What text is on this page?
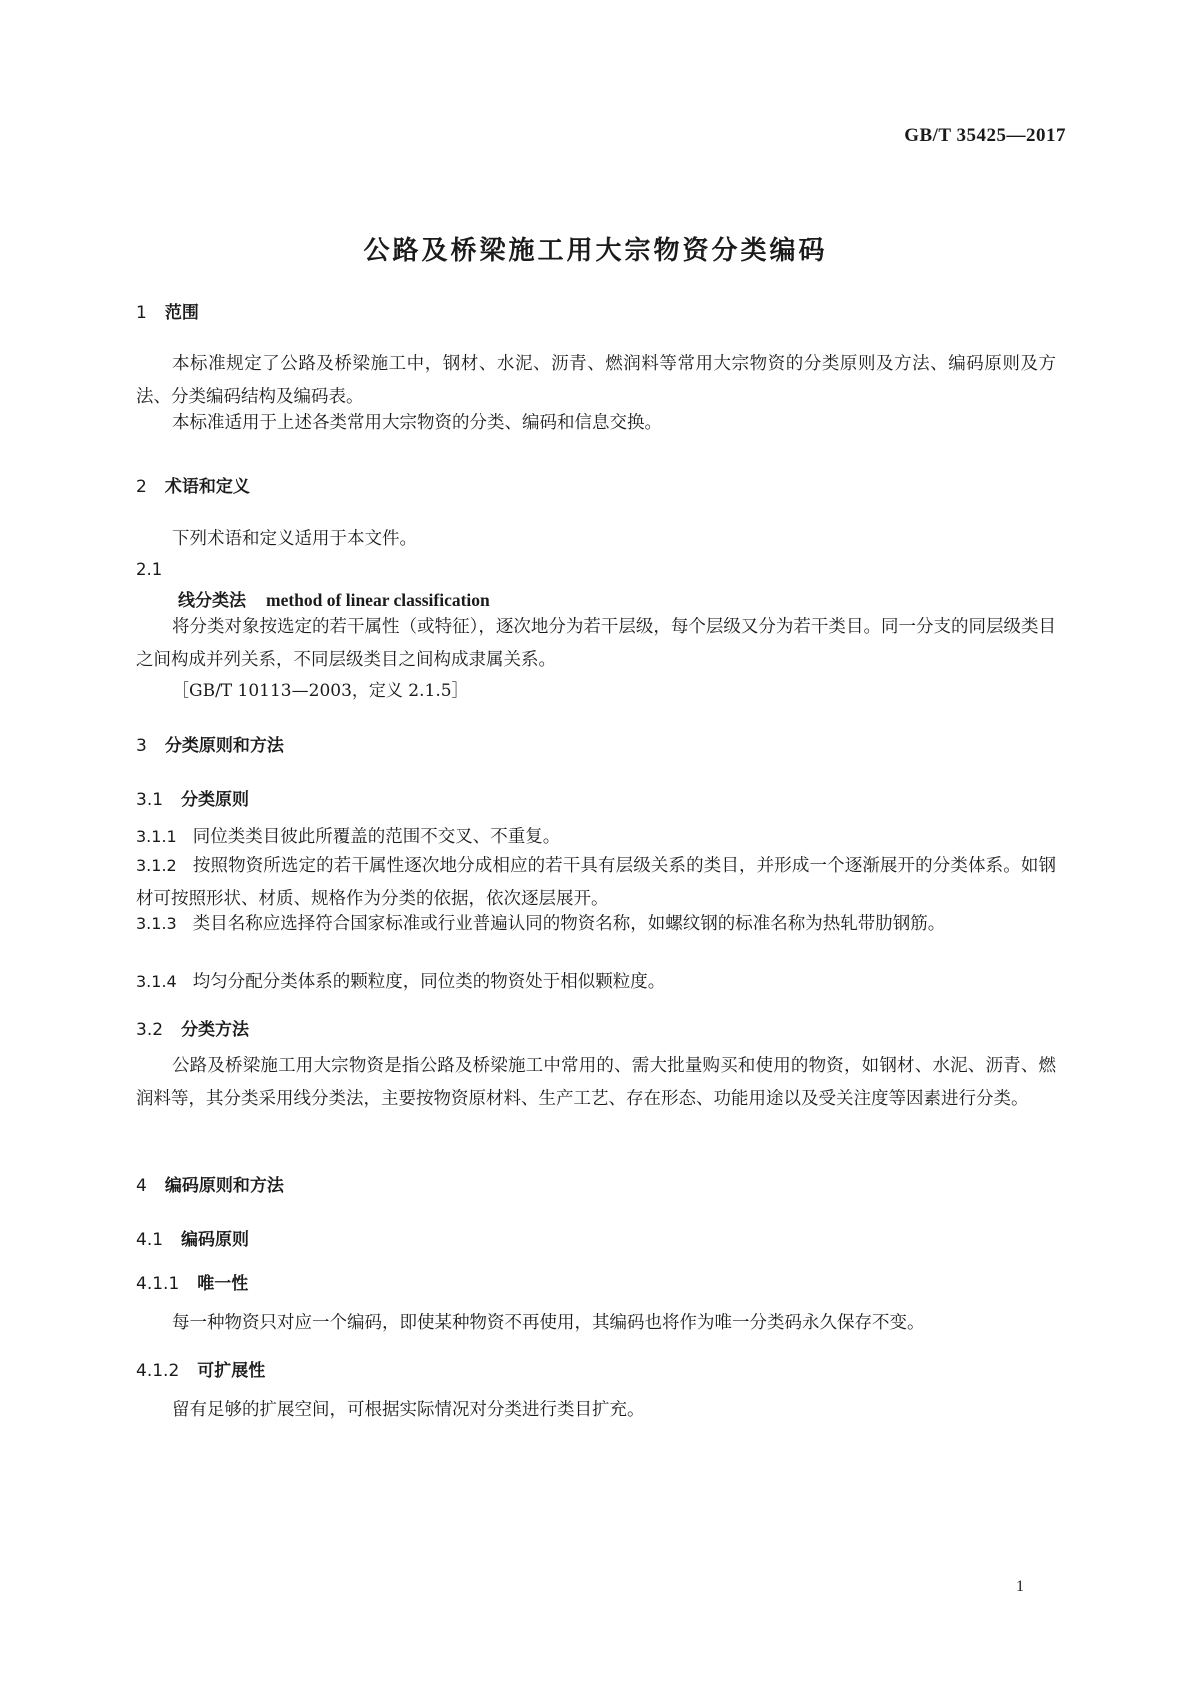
GB/T 35425—2017
公路及桥梁施工用大宗物资分类编码
1 范围
本标准规定了公路及桥梁施工中，钢材、水泥、沥青、燃润料等常用大宗物资的分类原则及方法、编码原则及方法、分类编码结构及编码表。
本标准适用于上述各类常用大宗物资的分类、编码和信息交换。
2 术语和定义
下列术语和定义适用于本文件。
2.1
线分类法 method of linear classification
将分类对象按选定的若干属性（或特征），逐次地分为若干层级，每个层级又分为若干类目。同一分支的同层级类目之间构成并列关系，不同层级类目之间构成隶属关系。
［GB/T 10113—2003，定义 2.1.5］
3 分类原则和方法
3.1 分类原则
3.1.1 同位类类目彼此所覆盖的范围不交叉、不重复。
3.1.2 按照物资所选定的若干属性逐次地分成相应的若干具有层级关系的类目，并形成一个逐渐展开的分类体系。如钢材可按照形状、材质、规格作为分类的依据，依次逐层展开。
3.1.3 类目名称应选择符合国家标准或行业普遍认同的物资名称，如螺纹钢的标准名称为热轧带肋钢筋。
3.1.4 均匀分配分类体系的颗粒度，同位类的物资处于相似颗粒度。
3.2 分类方法
公路及桥梁施工用大宗物资是指公路及桥梁施工中常用的、需大批量购买和使用的物资，如钢材、水泥、沥青、燃润料等，其分类采用线分类法，主要按物资原材料、生产工艺、存在形态、功能用途以及受关注度等因素进行分类。
4 编码原则和方法
4.1 编码原则
4.1.1 唯一性
每一种物资只对应一个编码，即使某种物资不再使用，其编码也将作为唯一分类码永久保存不变。
4.1.2 可扩展性
留有足够的扩展空间，可根据实际情况对分类进行类目扩充。
1
